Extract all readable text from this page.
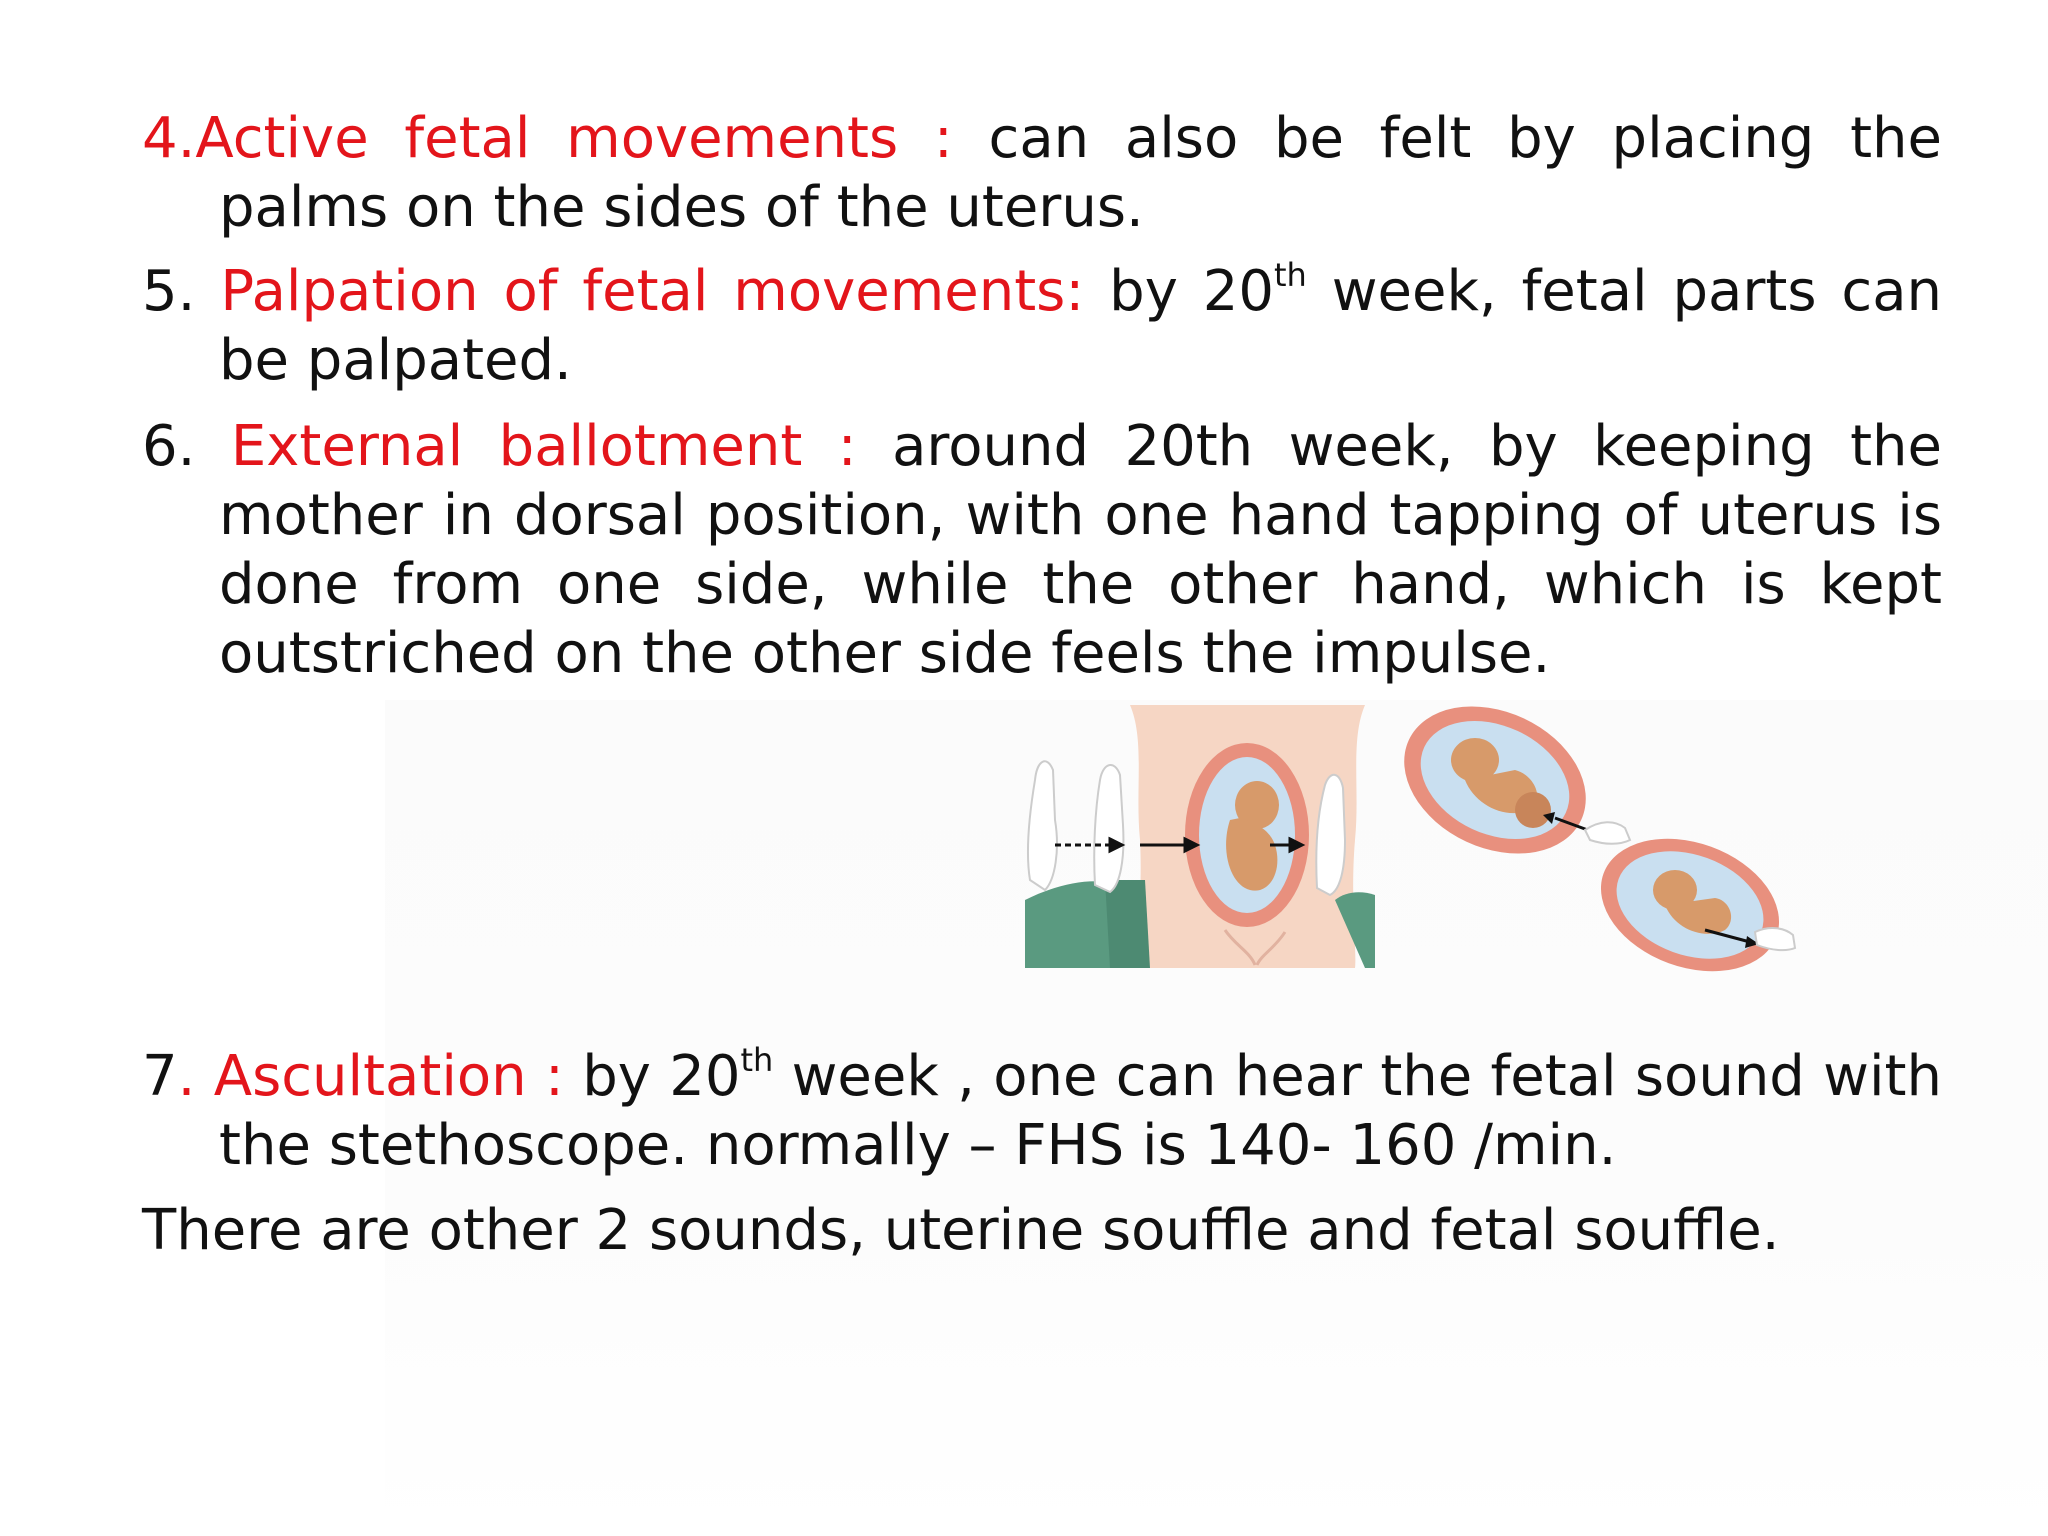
4.Active fetal movements : can also be felt by placing the palms on the sides of the uterus.

5. Palpation of fetal movements: by 20th week, fetal parts can be palpated.

6. External ballotment : around 20th week, by keeping the mother in dorsal position, with one hand tapping of uterus is done from one side, while the other hand, which is kept outstriched on the other side feels the impulse.

7. Ascultation : by 20th week , one can hear the fetal sound with the stethoscope. normally – FHS is 140- 160 /min.

There are other 2 sounds, uterine souffle and fetal souffle.
